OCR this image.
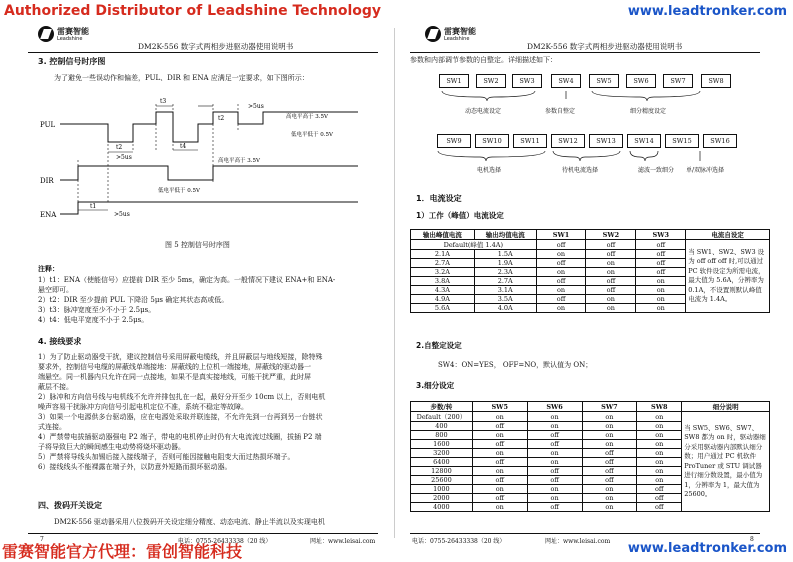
Authorized Distributor of Leadshine Technology	www.leadtronker.com
雷赛智能官方代理：雷创智能科技	www.leadtronker.com
雷赛智能
Leadshine
DM2K-556 数字式两相步进驱动器使用说明书
3. 控制信号时序图
为了避免一些误动作和偏差，PUL、DIR 和 ENA 应满足一定要求，如下图所示：
PUL
DIR
ENA
t1
>5us
t2
>5us
t3
t4
t2
>5us
高电平高于 3.5V
低电平低于 0.5V
高电平高于 3.5V
低电平低于 0.5V
图 5 控制信号时序图
注释：
1）t1：ENA（使能信号）应提前 DIR 至少 5ms，确定为高。一般情况下建议 ENA+和 ENA-
悬空即可。
2）t2：DIR 至少提前 PUL 下降沿 5μs 确定其状态高或低。
3）t3：脉冲宽度至少不小于 2.5μs。
4）t4：低电平宽度不小于 2.5μs。
4. 接线要求
1）为了防止驱动器受干扰，建议控制信号采用屏蔽电缆线，并且屏蔽层与地线短接，除特殊
要求外，控制信号电缆的屏蔽线单端接地：屏蔽线的上位机一端接地，屏蔽线的驱动器一
端悬空。同一机器内只允许在同一点接地，如果不是真实接地线，可能干扰严重，此时屏
蔽层不接。
2）脉冲和方向信号线与电机线不允许并排包扎在一起，最好分开至少 10cm 以上，否则电机
噪声容易干扰脉冲方向信号引起电机定位不准，系统不稳定等故障。
3）如果一个电源供多台驱动器，应在电源处采取并联连接，不允许先到一台再到另一台链状
式连接。
4）严禁带电拔插驱动器强电 P2 端子，带电的电机停止时仍有大电流流过线圈，拔插 P2 端
子将导致巨大的瞬间感生电动势将烧坏驱动器。
5）严禁将导线头加锡后接入接线端子，否则可能因接触电阻变大而过热损坏端子。
6）接线线头不能裸露在端子外，以防意外短路而损坏驱动器。
四、拨码开关设定
DM2K-556 驱动器采用八位拨码开关设定细分精度、动态电流、静止半流以及实现电机
7	电话：0755-26433338（20 线）	网址：www.leisai.com
雷赛智能
Leadshine
DM2K-556 数字式两相步进驱动器使用说明书
参数和内部调节参数的自整定。详细描述如下：
SW1	SW2	SW3	SW4	SW5	SW6	SW7	SW8
动态电流设定	参数自整定	细分精度设定
SW9	SW10	SW11	SW12	SW13	SW14	SW15	SW16
电机选择	待机电流选择	滤波一致细分 单/双脉冲选择
1．电流设定
1）工作（峰值）电流设定
输出峰值电流	输出均值电流	SW1	SW2	SW3	电流自设定
Default(峰值 1.4A)		off	off	off	当 SW1、SW2、SW3 设为 off off off 时,可以通过 PC 软件设定为所需电流，最大值为 5.6A，分辨率为 0.1A，不设置则默认峰值电流为 1.4A。
2.1A	1.5A	on	off	off	
2.7A	1.9A	off	on	off	
3.2A	2.3A	on	on	off	
3.8A	2.7A	off	off	on	
4.3A	3.1A	on	off	on	
4.9A	3.5A	off	on	on	
5.6A	4.0A	on	on	on	
2.自整定设定
SW4：ON=YES， OFF=NO，默认值为 ON；
3.细分设定
步数/转	SW5	SW6	SW7	SW8	细分说明
Default（200）	on	on	on	on	当 SW5、SW6、SW7、SW8 都为 on 时，驱动器细分采用驱动器内部默认细分数；用户通过 PC 机软件 ProTuner 或 STU 调试器进行细分数设置，最小值为 1，分辨率为 1，最大值为 25600。
400	off	on	on	on	
800	on	off	on	on	
1600	off	off	on	on	
3200	on	on	off	on	
6400	off	on	off	on	
12800	on	off	off	on	
25600	off	off	off	on	
1000	on	on	on	off	
2000	off	on	on	off	
4000	on	off	on	off	
电话：0755-26433338（20 线）	网址：www.leisai.com	8
